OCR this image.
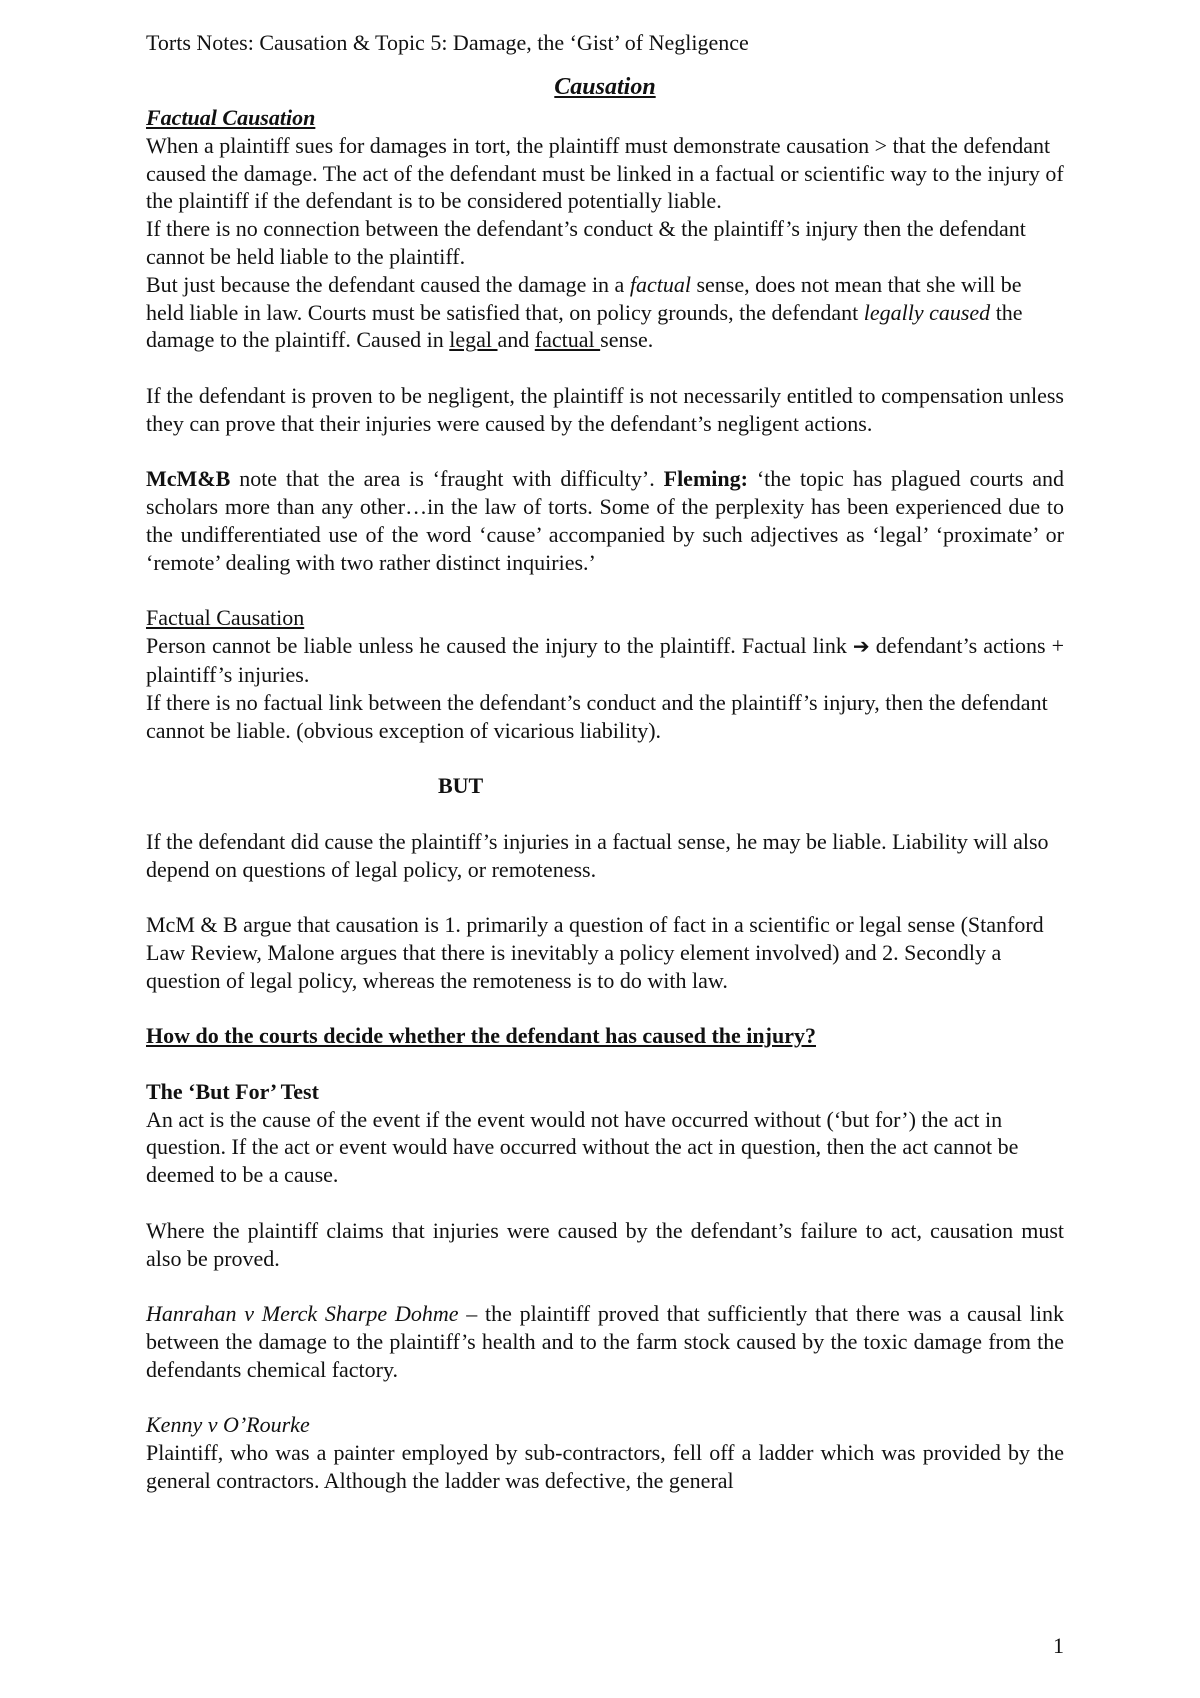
Torts Notes: Causation & Topic 5: Damage, the ‘Gist’ of Negligence

Causation

Factual Causation

When a plaintiff sues for damages in tort, the plaintiff must demonstrate causation > that the defendant caused the damage. The act of the defendant must be linked in a factual or scientific way to the injury of the plaintiff if the defendant is to be considered potentially liable.

If there is no connection between the defendant’s conduct & the plaintiff’s injury then the defendant cannot be held liable to the plaintiff.

But just because the defendant caused the damage in a factual sense, does not mean that she will be held liable in law. Courts must be satisfied that, on policy grounds, the defendant legally caused the damage to the plaintiff. Caused in legal and factual sense.

If the defendant is proven to be negligent, the plaintiff is not necessarily entitled to compensation unless they can prove that their injuries were caused by the defendant’s negligent actions.

McM&B note that the area is ‘fraught with difficulty’. Fleming: ‘the topic has plagued courts and scholars more than any other…in the law of torts. Some of the perplexity has been experienced due to the undifferentiated use of the word ‘cause’ accompanied by such adjectives as ‘legal’ ‘proximate’ or ‘remote’ dealing with two rather distinct inquiries.’

Factual Causation

Person cannot be liable unless he caused the injury to the plaintiff. Factual link ➔ defendant’s actions + plaintiff’s injuries.

If there is no factual link between the defendant’s conduct and the plaintiff’s injury, then the defendant cannot be liable. (obvious exception of vicarious liability).

BUT

If the defendant did cause the plaintiff’s injuries in a factual sense, he may be liable. Liability will also depend on questions of legal policy, or remoteness.

McM & B argue that causation is 1. primarily a question of fact in a scientific or legal sense (Stanford Law Review, Malone argues that there is inevitably a policy element involved) and 2. Secondly a question of legal policy, whereas the remoteness is to do with law.

How do the courts decide whether the defendant has caused the injury?

The ‘But For’ Test

An act is the cause of the event if the event would not have occurred without (‘but for’) the act in question. If the act or event would have occurred without the act in question, then the act cannot be deemed to be a cause.

Where the plaintiff claims that injuries were caused by the defendant’s failure to act, causation must also be proved.

Hanrahan v Merck Sharpe Dohme – the plaintiff proved that sufficiently that there was a causal link between the damage to the plaintiff’s health and to the farm stock caused by the toxic damage from the defendants chemical factory.

Kenny v O’Rourke

Plaintiff, who was a painter employed by sub-contractors, fell off a ladder which was provided by the general contractors. Although the ladder was defective, the general

1
